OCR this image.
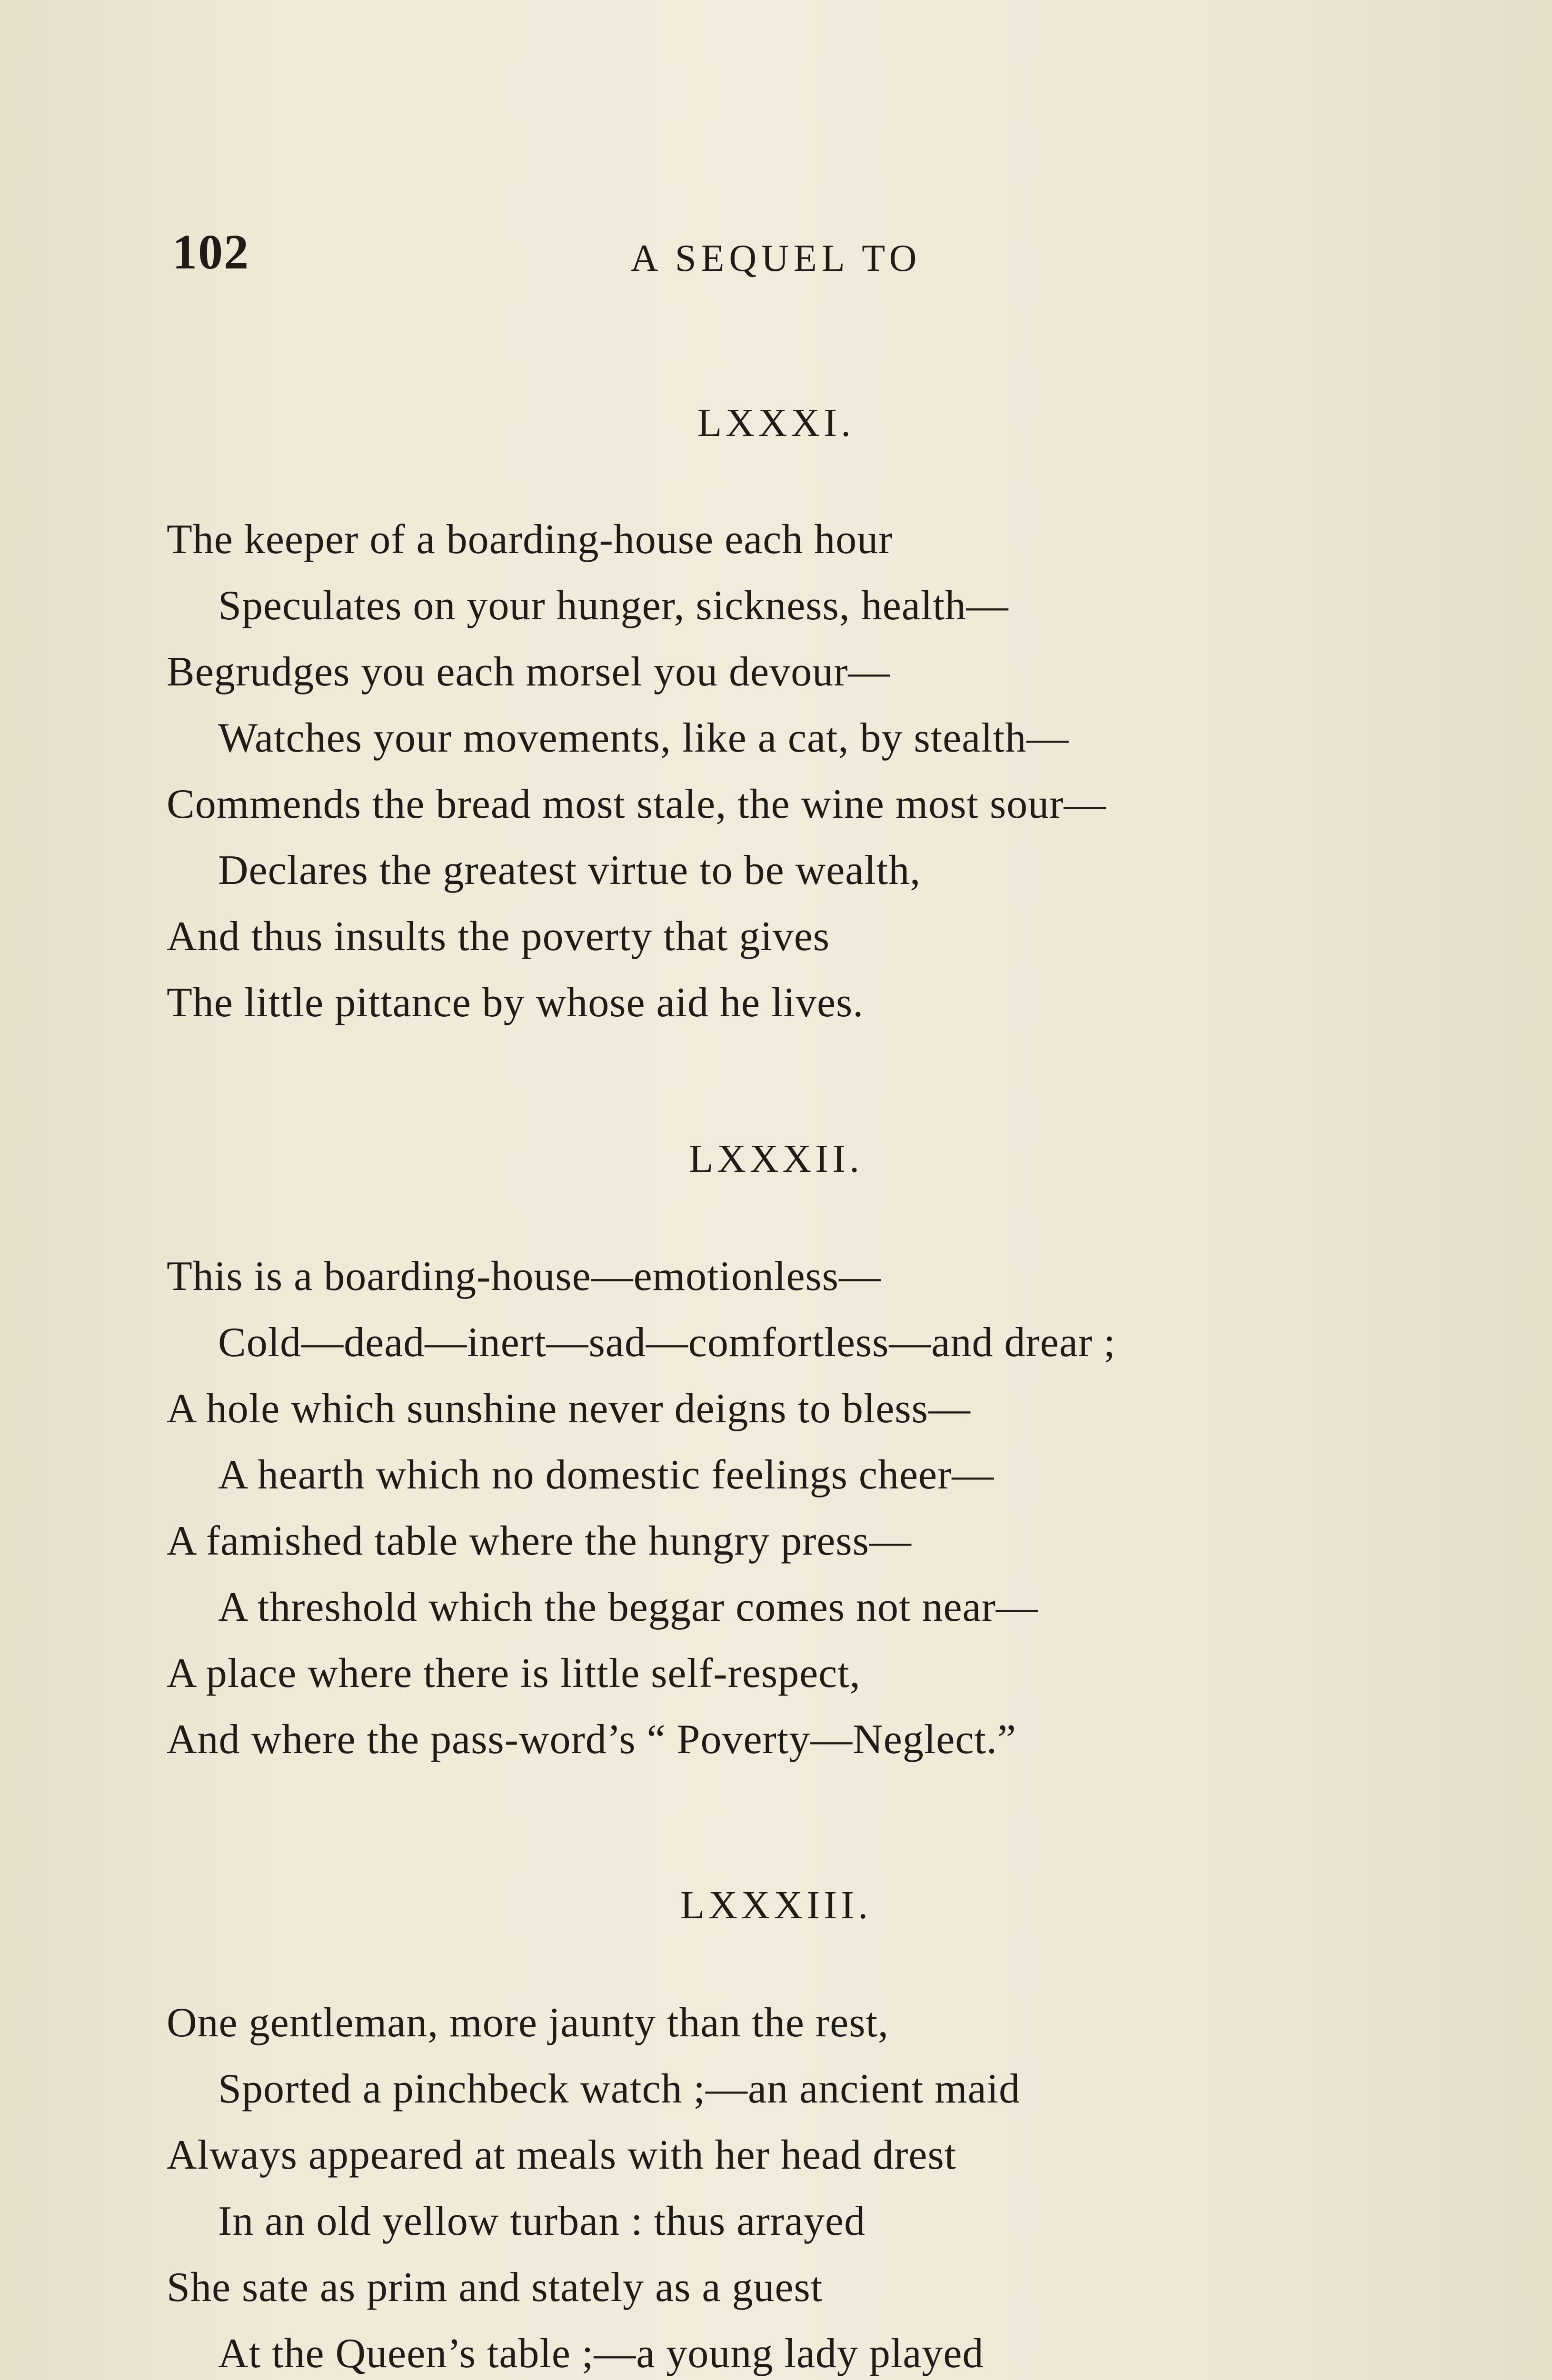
102	A SEQUEL TO
LXXXI.
The keeper of a boarding-house each hour
Speculates on your hunger, sickness, health—
Begrudges you each morsel you devour—
Watches your movements, like a cat, by stealth—
Commends the bread most stale, the wine most sour—
Declares the greatest virtue to be wealth,
And thus insults the poverty that gives
The little pittance by whose aid he lives.
LXXXII.
This is a boarding-house—emotionless—
Cold—dead—inert—sad—comfortless—and drear ;
A hole which sunshine never deigns to bless—
A hearth which no domestic feelings cheer—
A famished table where the hungry press—
A threshold which the beggar comes not near—
A place where there is little self-respect,
And where the pass-word’s “ Poverty—Neglect.”
LXXXIII.
One gentleman, more jaunty than the rest,
Sported a pinchbeck watch ;—an ancient maid
Always appeared at meals with her head drest
In an old yellow turban : thus arrayed
She sate as prim and stately as a guest
At the Queen’s table ;—a young lady played
